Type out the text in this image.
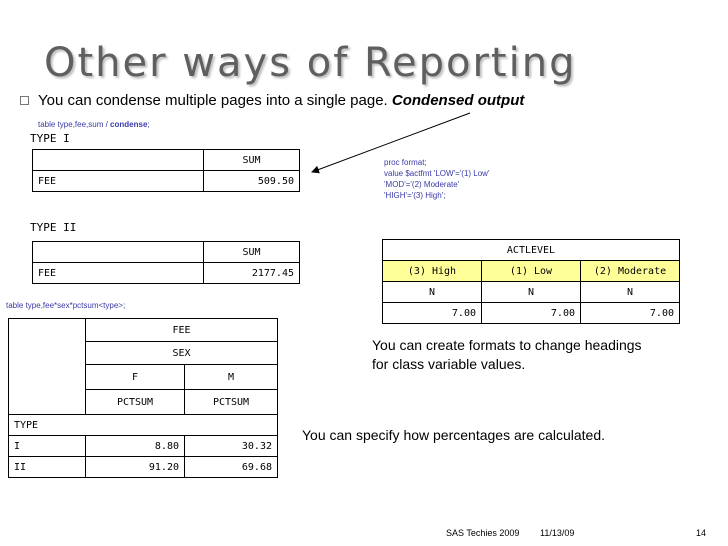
Other ways of Reporting
You can condense multiple pages into a single page. Condensed output
table type,fee,sum / condense;
TYPE I
	SUM
FEE	509.50
proc format;
value $actfmt 'LOW'='(1) Low'
'MOD'='(2) Moderate'
'HIGH'='(3) High';
TYPE II
	SUM
FEE	2177.45
ACTLEVEL		
(3) High	(1) Low	(2) Moderate
N	N	N
7.00	7.00	7.00
table type,fee*sex*pctsum<type>;
	FEE	
	SEX	
	F	M
	PCTSUM	PCTSUM
TYPE		
I	8.80	30.32
II	91.20	69.68
You can create formats to change headings
for class variable values.
You can specify how percentages are calculated.
SAS Techies 2009 11/13/09	14
